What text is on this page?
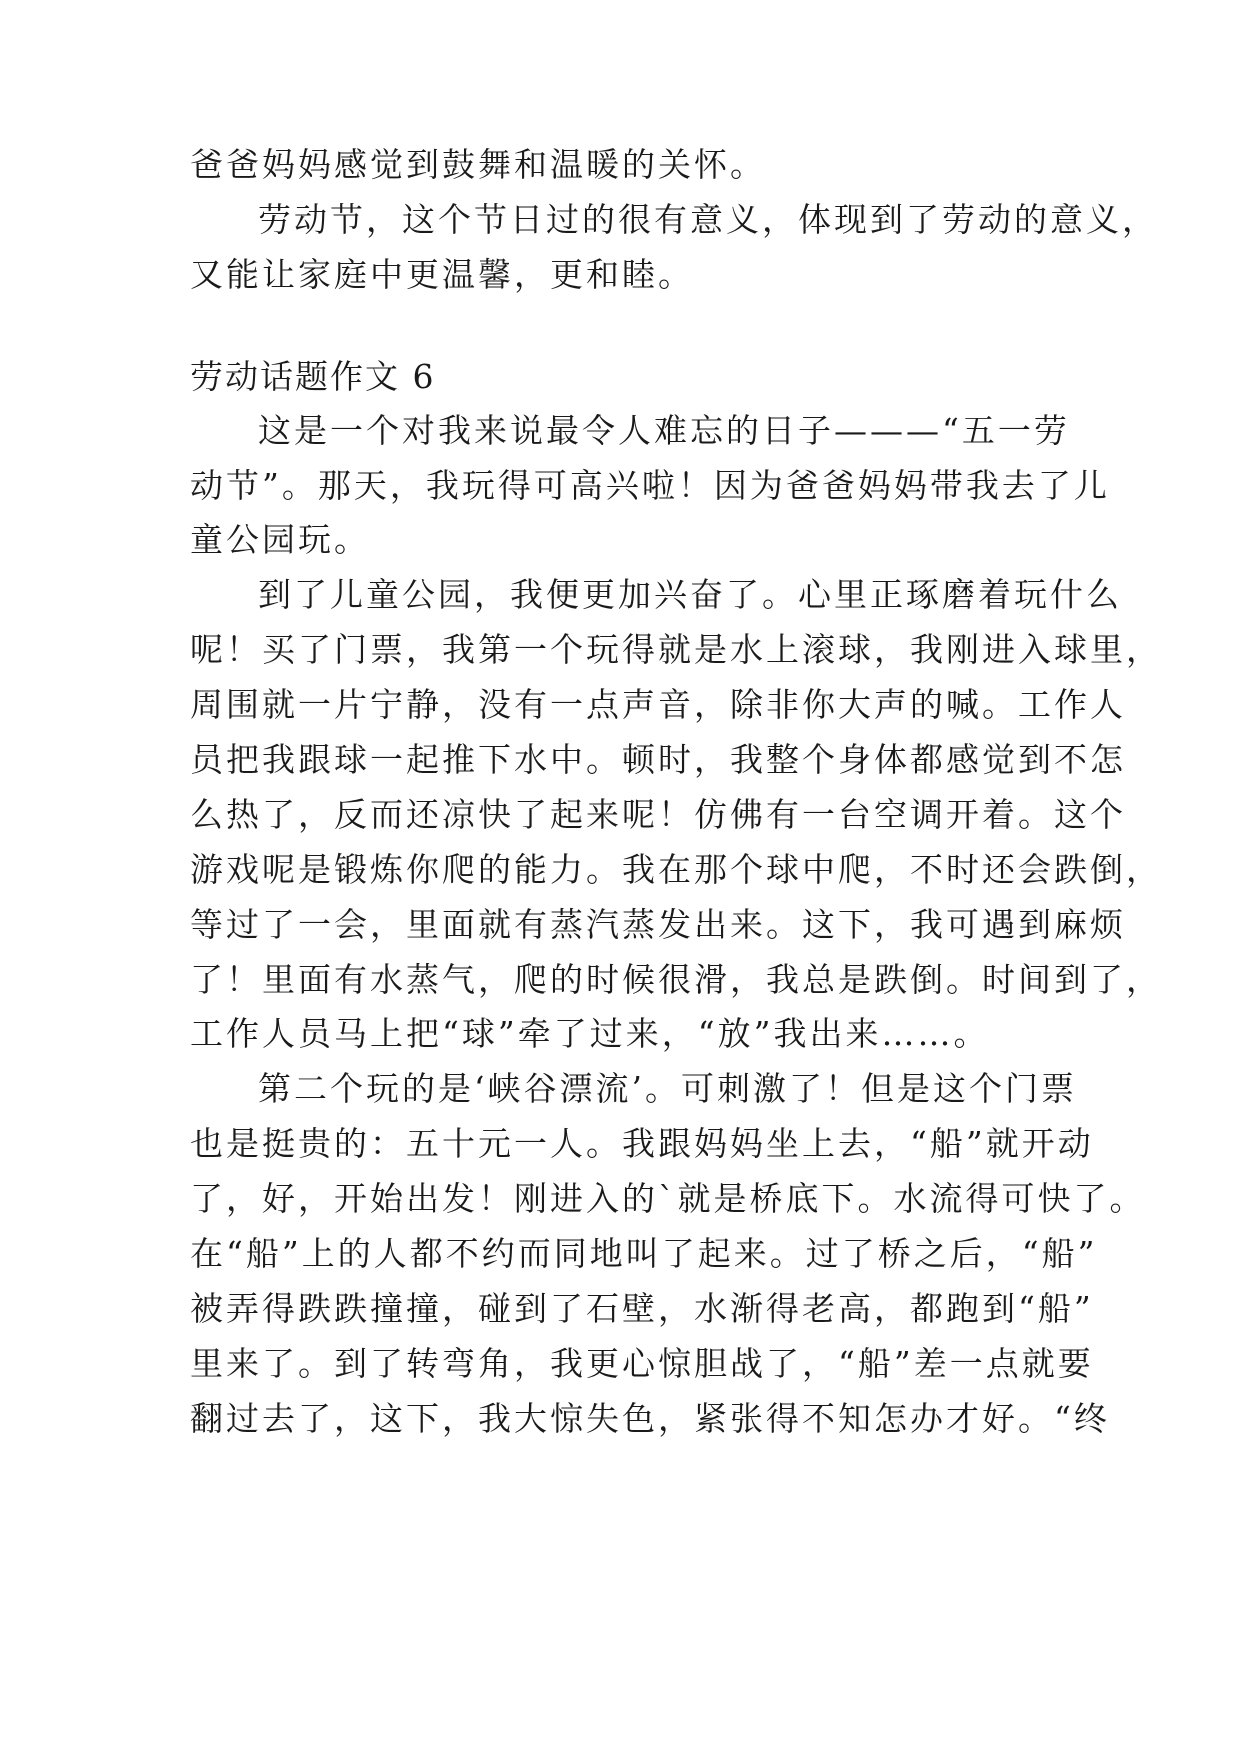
爸爸妈妈感觉到鼓舞和温暖的关怀。
劳动节，这个节日过的很有意义，体现到了劳动的意义，
又能让家庭中更温馨，更和睦。
劳动话题作文 6
这是一个对我来说最令人难忘的日子———“五一劳
动节”。那天，我玩得可高兴啦！因为爸爸妈妈带我去了儿
童公园玩。
到了儿童公园，我便更加兴奋了。心里正琢磨着玩什么
呢！买了门票，我第一个玩得就是水上滚球，我刚进入球里，
周围就一片宁静，没有一点声音，除非你大声的喊。工作人
员把我跟球一起推下水中。顿时，我整个身体都感觉到不怎
么热了，反而还凉快了起来呢！仿佛有一台空调开着。这个
游戏呢是锻炼你爬的能力。我在那个球中爬，不时还会跌倒，
等过了一会，里面就有蒸汽蒸发出来。这下，我可遇到麻烦
了！里面有水蒸气，爬的时候很滑，我总是跌倒。时间到了，
工作人员马上把“球”牵了过来，“放”我出来……。
第二个玩的是‘峡谷漂流’。可刺激了！但是这个门票
也是挺贵的：五十元一人。我跟妈妈坐上去，“船”就开动
了，好，开始出发！刚进入的`就是桥底下。水流得可快了。
在“船”上的人都不约而同地叫了起来。过了桥之后，“船”
被弄得跌跌撞撞，碰到了石壁，水渐得老高，都跑到“船”
里来了。到了转弯角，我更心惊胆战了，“船”差一点就要
翻过去了，这下，我大惊失色，紧张得不知怎办才好。“终
